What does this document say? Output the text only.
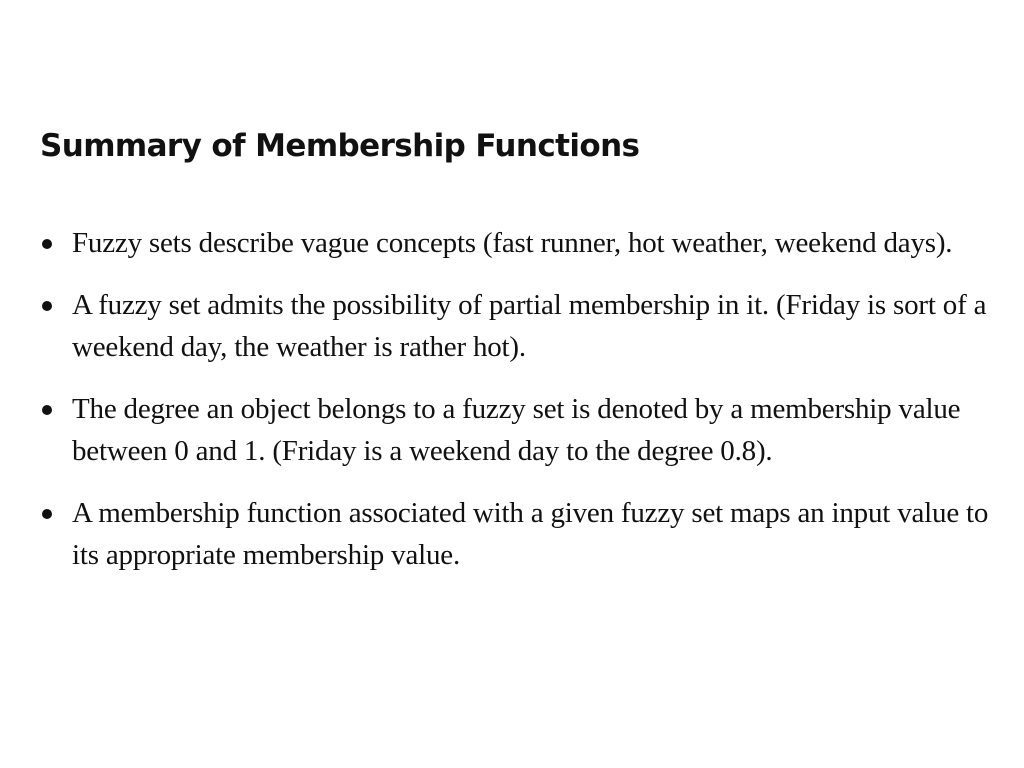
Summary of Membership Functions
Fuzzy sets describe vague concepts (fast runner, hot weather, weekend days).
A fuzzy set admits the possibility of partial membership in it. (Friday is sort of a weekend day, the weather is rather hot).
The degree an object belongs to a fuzzy set is denoted by a membership value between 0 and 1. (Friday is a weekend day to the degree 0.8).
A membership function associated with a given fuzzy set maps an input value to its appropriate membership value.
